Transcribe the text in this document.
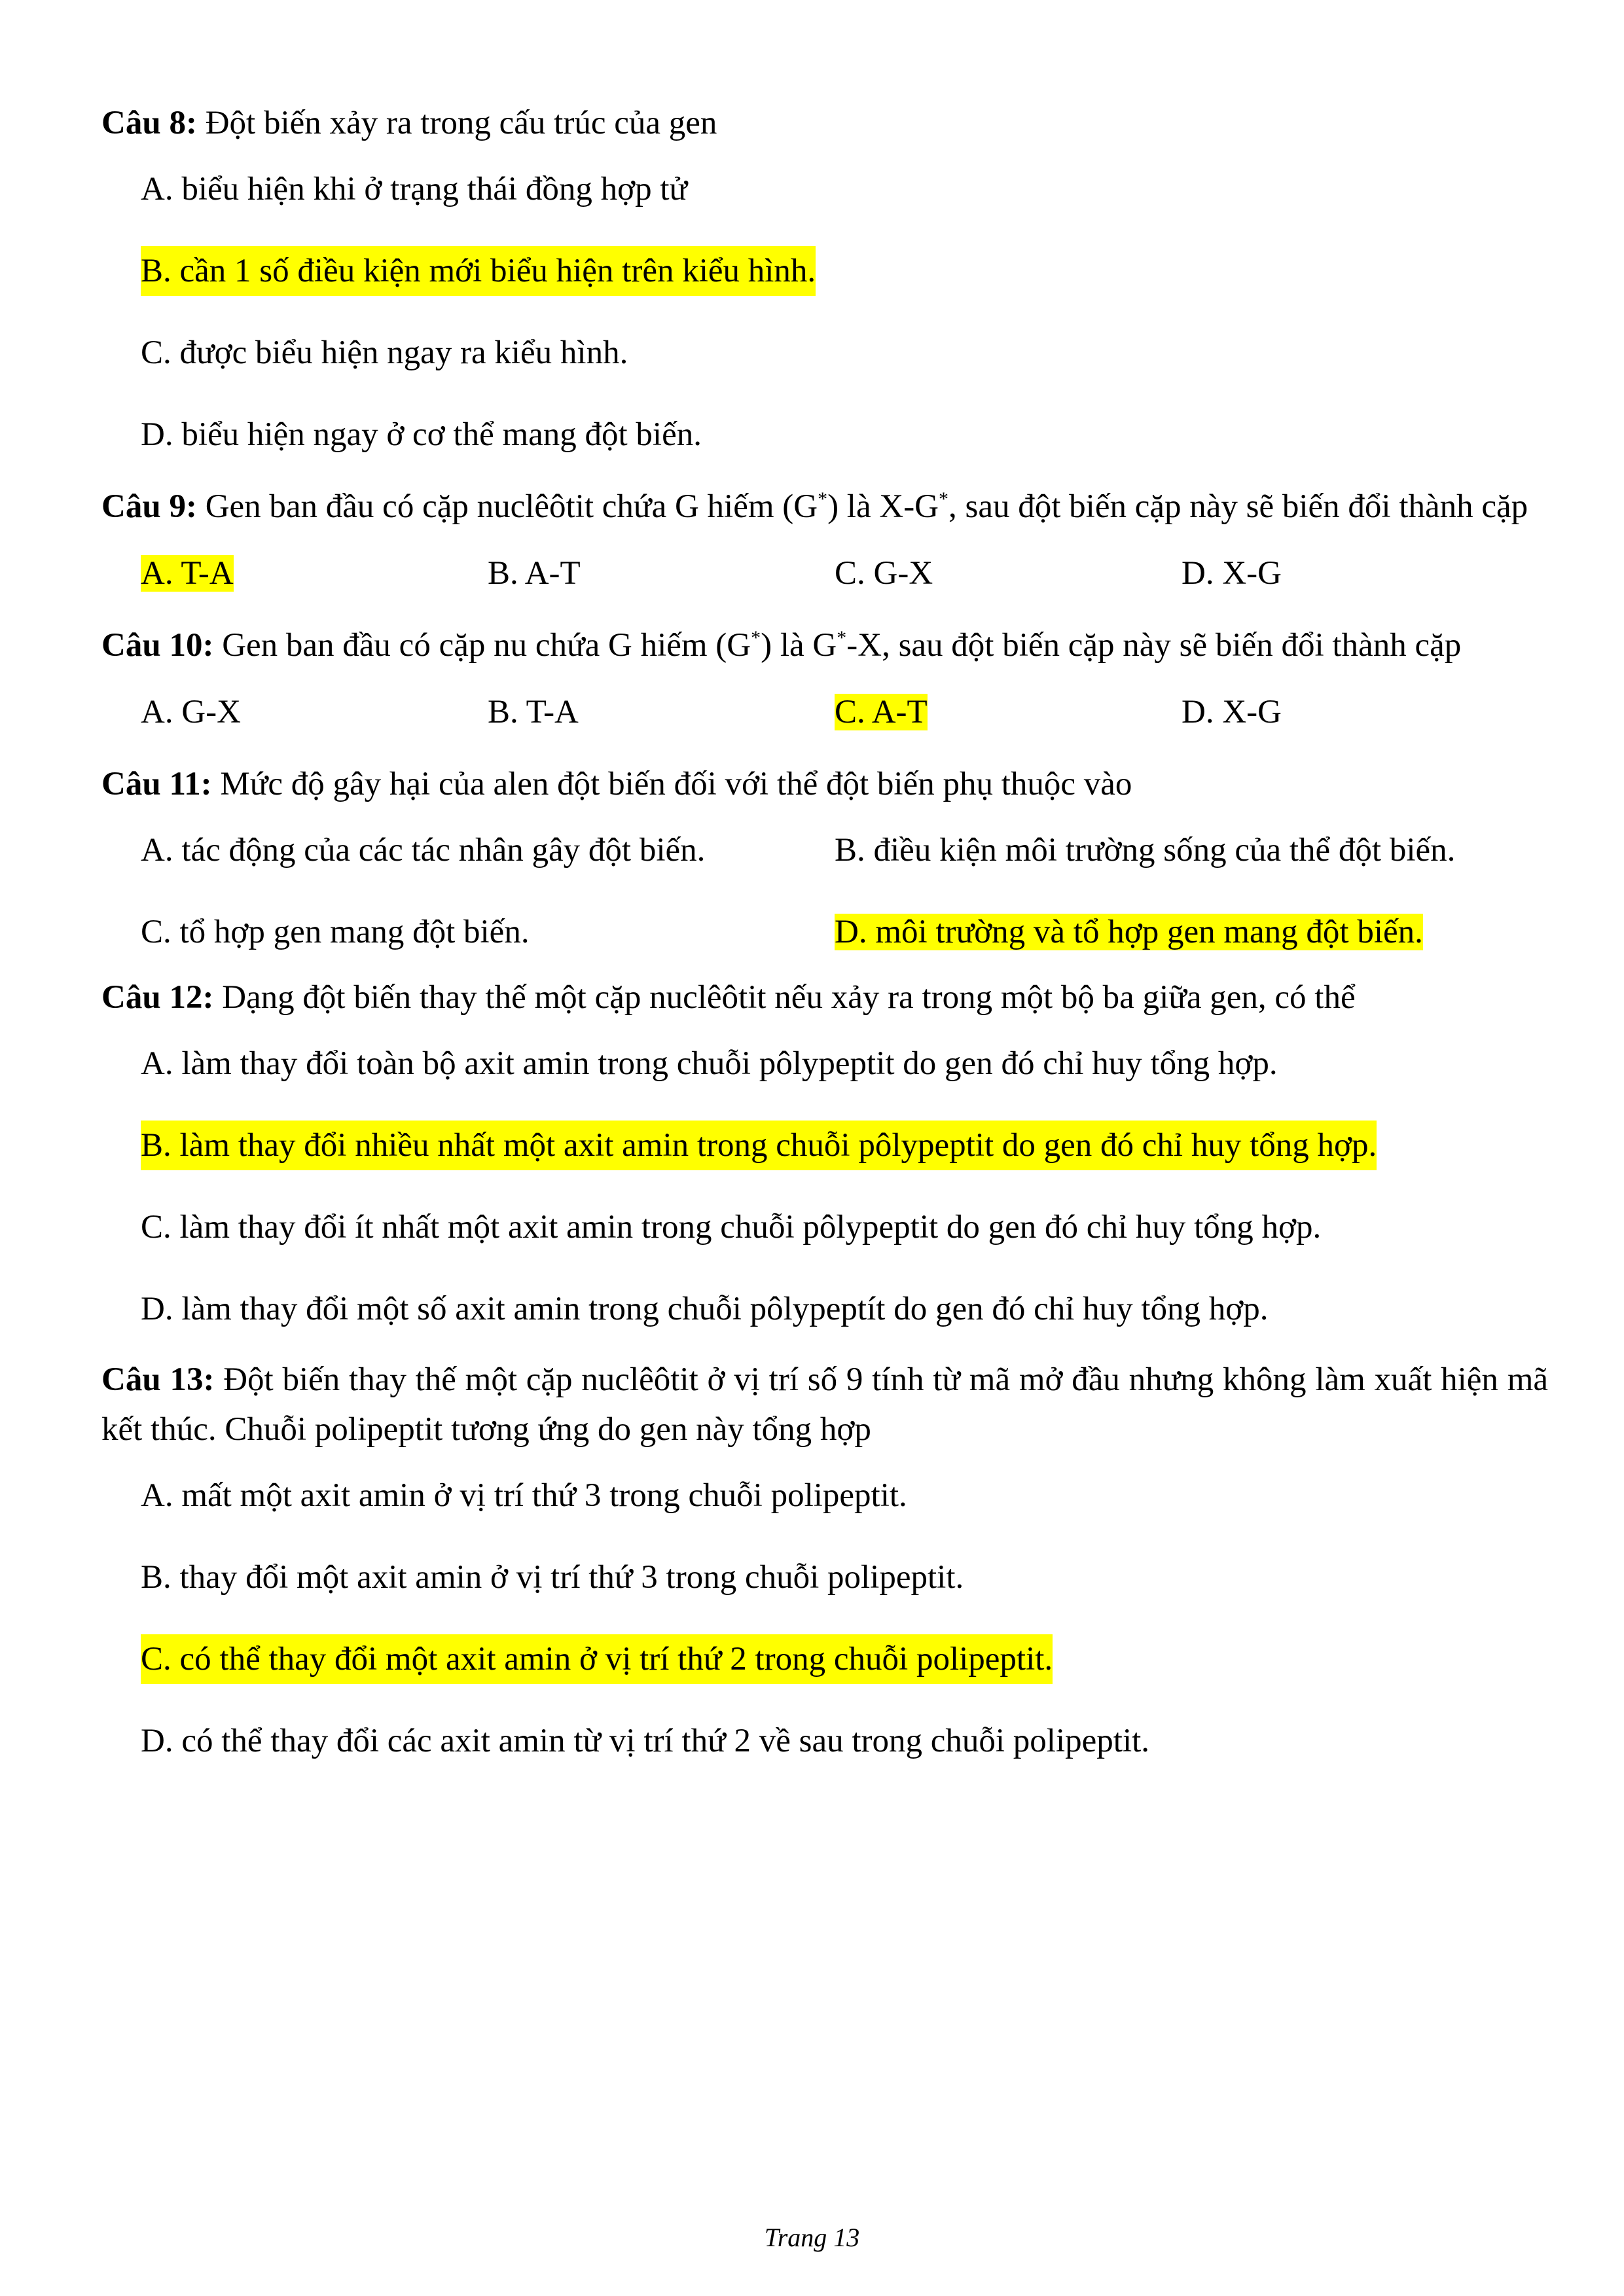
Câu 8: Đột biến xảy ra trong cấu trúc của gen

A. biểu hiện khi ở trạng thái đồng hợp tử
B. cần 1 số điều kiện mới biểu hiện trên kiểu hình.
C. được biểu hiện ngay ra kiểu hình.
D. biểu hiện ngay ở cơ thể mang đột biến.

Câu 9: Gen ban đầu có cặp nuclêôtit chứa G hiếm (G*) là X-G*, sau đột biến cặp này sẽ biến đổi thành cặp

A. T-A	B. A-T	C. G-X	D. X-G

Câu 10: Gen ban đầu có cặp nu chứa G hiếm (G*) là G*-X, sau đột biến cặp này sẽ biến đổi thành cặp

A. G-X	B. T-A	C. A-T	D. X-G

Câu 11: Mức độ gây hại của alen đột biến đối với thể đột biến phụ thuộc vào

A. tác động của các tác nhân gây đột biến.	B. điều kiện môi trường sống của thể đột biến.
C. tổ hợp gen mang đột biến.	D. môi trường và tổ hợp gen mang đột biến.

Câu 12: Dạng đột biến thay thế một cặp nuclêôtit nếu xảy ra trong một bộ ba giữa gen, có thể

A. làm thay đổi toàn bộ axit amin trong chuỗi pôlypeptit do gen đó chỉ huy tổng hợp.
B. làm thay đổi nhiều nhất một axit amin trong chuỗi pôlypeptit do gen đó chỉ huy tổng hợp.
C. làm thay đổi ít nhất một axit amin trong chuỗi pôlypeptit do gen đó chỉ huy tổng hợp.
D. làm thay đổi một số axit amin trong chuỗi pôlypeptít do gen đó chỉ huy tổng hợp.

Câu 13: Đột biến thay thế một cặp nuclêôtit ở vị trí số 9 tính từ mã mở đầu nhưng không làm xuất hiện mã kết thúc. Chuỗi polipeptit tương ứng do gen này tổng hợp

A. mất một axit amin ở vị trí thứ 3 trong chuỗi polipeptit.
B. thay đổi một axit amin ở vị trí thứ 3 trong chuỗi polipeptit.
C. có thể thay đổi một axit amin ở vị trí thứ 2 trong chuỗi polipeptit.
D. có thể thay đổi các axit amin từ vị trí thứ 2 về sau trong chuỗi polipeptit.
Trang 13
